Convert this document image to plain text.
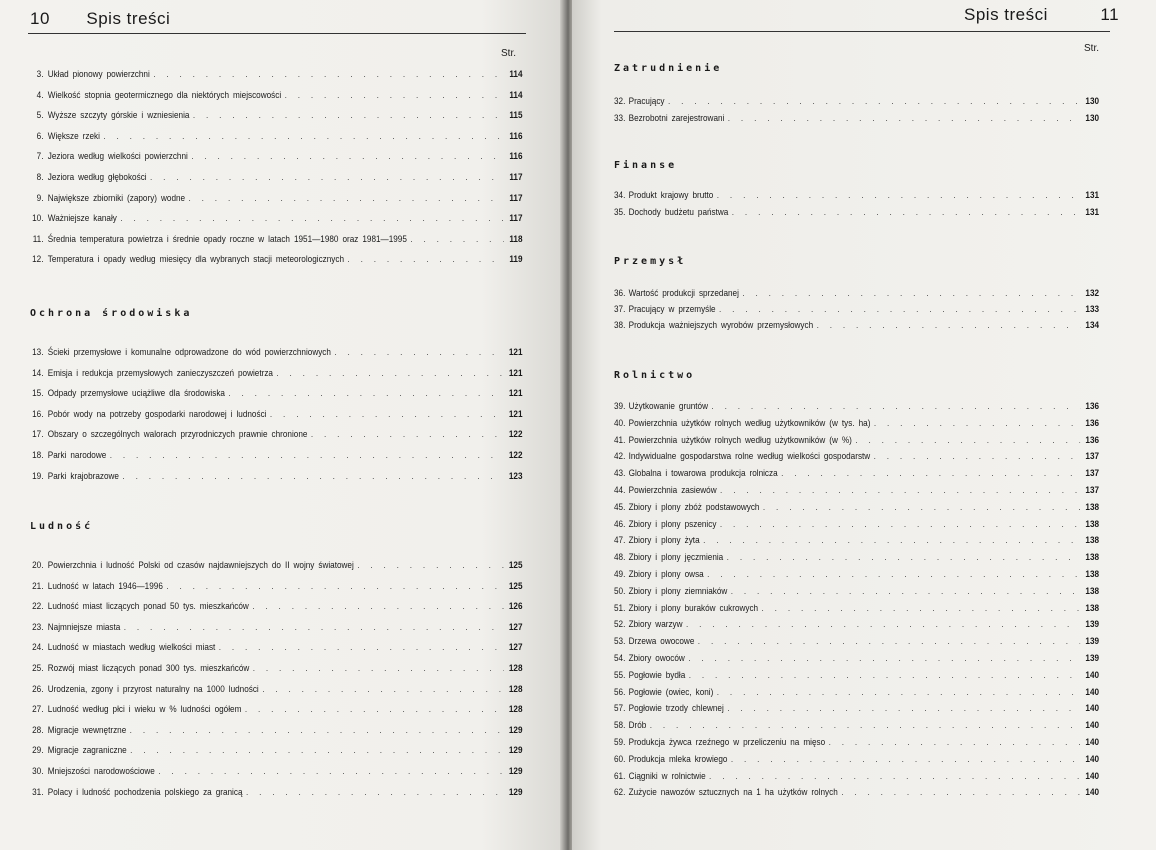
10 Spis treści
Str.
Ochrona środowiska
Ludność
3. Układ pionowy powierzchni . . .	114
4. Wielkość stopnia geotermicznego dla niektórych miejscowości . . .	114
5. Wyższe szczyty górskie i wzniesienia . . .	115
6. Większe rzeki . . .	116
7. Jeziora według wielkości powierzchni . . .	116
8. Jeziora według głębokości . . .	117
9. Największe zbiorniki (zapory) wodne . . .	117
10. Ważniejsze kanały . . .	117
11. Średnia temperatura powietrza i średnie opady roczne w latach 1951—1980 oraz 1981—1995 . . .	118
12. Temperatura i opady według miesięcy dla wybranych stacji meteorologicznych . . .	119
13. Ścieki przemysłowe i komunalne odprowadzone do wód powierzchniowych . . .	121
14. Emisja i redukcja przemysłowych zanieczyszczeń powietrza . . .	121
15. Odpady przemysłowe uciążliwe dla środowiska . . .	121
16. Pobór wody na potrzeby gospodarki narodowej i ludności . . .	121
17. Obszary o szczególnych walorach przyrodniczych prawnie chronione . . .	122
18. Parki narodowe . . .	122
19. Parki krajobrazowe . . .	123
20. Powierzchnia i ludność Polski od czasów najdawniejszych do II wojny światowej . . .	125
21. Ludność w latach 1946—1996 . . .	125
22. Ludność miast liczących ponad 50 tys. mieszkańców . . .	126
23. Najmniejsze miasta . . .	127
24. Ludność w miastach według wielkości miast . . .	127
25. Rozwój miast liczących ponad 300 tys. mieszkańców . . .	128
26. Urodzenia, zgony i przyrost naturalny na 1000 ludności . . .	128
27. Ludność według płci i wieku w % ludności ogółem . . .	128
28. Migracje wewnętrzne . . .	129
29. Migracje zagraniczne . . .	129
30. Mniejszości narodowościowe . . .	129
31. Polacy i ludność pochodzenia polskiego za granicą . . .	129
Spis treści	11
Str.
Zatrudnienie
Finanse
Przemysł
Rolnictwo
32. Pracujący . . .	130
33. Bezrobotni zarejestrowani . . .	130
34. Produkt krajowy brutto . . .	131
35. Dochody budżetu państwa . . .	131
36. Wartość produkcji sprzedanej . . .	132
37. Pracujący w przemyśle . . .	133
38. Produkcja ważniejszych wyrobów przemysłowych . . .	134
39. Użytkowanie gruntów . . .	136
40. Powierzchnia użytków rolnych według użytkowników (w tys. ha) . . .	136
41. Powierzchnia użytków rolnych według użytkowników (w %) . . .	136
42. Indywidualne gospodarstwa rolne według wielkości gospodarstw . . .	137
43. Globalna i towarowa produkcja rolnicza . . .	137
44. Powierzchnia zasiewów . . .	137
45. Zbiory i plony zbóż podstawowych . . .	138
46. Zbiory i plony pszenicy . . .	138
47. Zbiory i plony żyta . . .	138
48. Zbiory i plony jęczmienia . . .	138
49. Zbiory i plony owsa . . .	138
50. Zbiory i plony ziemniaków . . .	138
51. Zbiory i plony buraków cukrowych . . .	138
52. Zbiory warzyw . . .	139
53. Drzewa owocowe . . .	139
54. Zbiory owoców . . .	139
55. Pogłowie bydła . . .	140
56. Pogłowie (owiec, koni) . . .	140
57. Pogłowie trzody chlewnej . . .	140
58. Drób . . .	140
59. Produkcja żywca rzeźnego w przeliczeniu na mięso . . .	140
60. Produkcja mleka krowiego . . .	140
61. Ciągniki w rolnictwie . . .	140
62. Zużycie nawozów sztucznych na 1 ha użytków rolnych . . .	140
